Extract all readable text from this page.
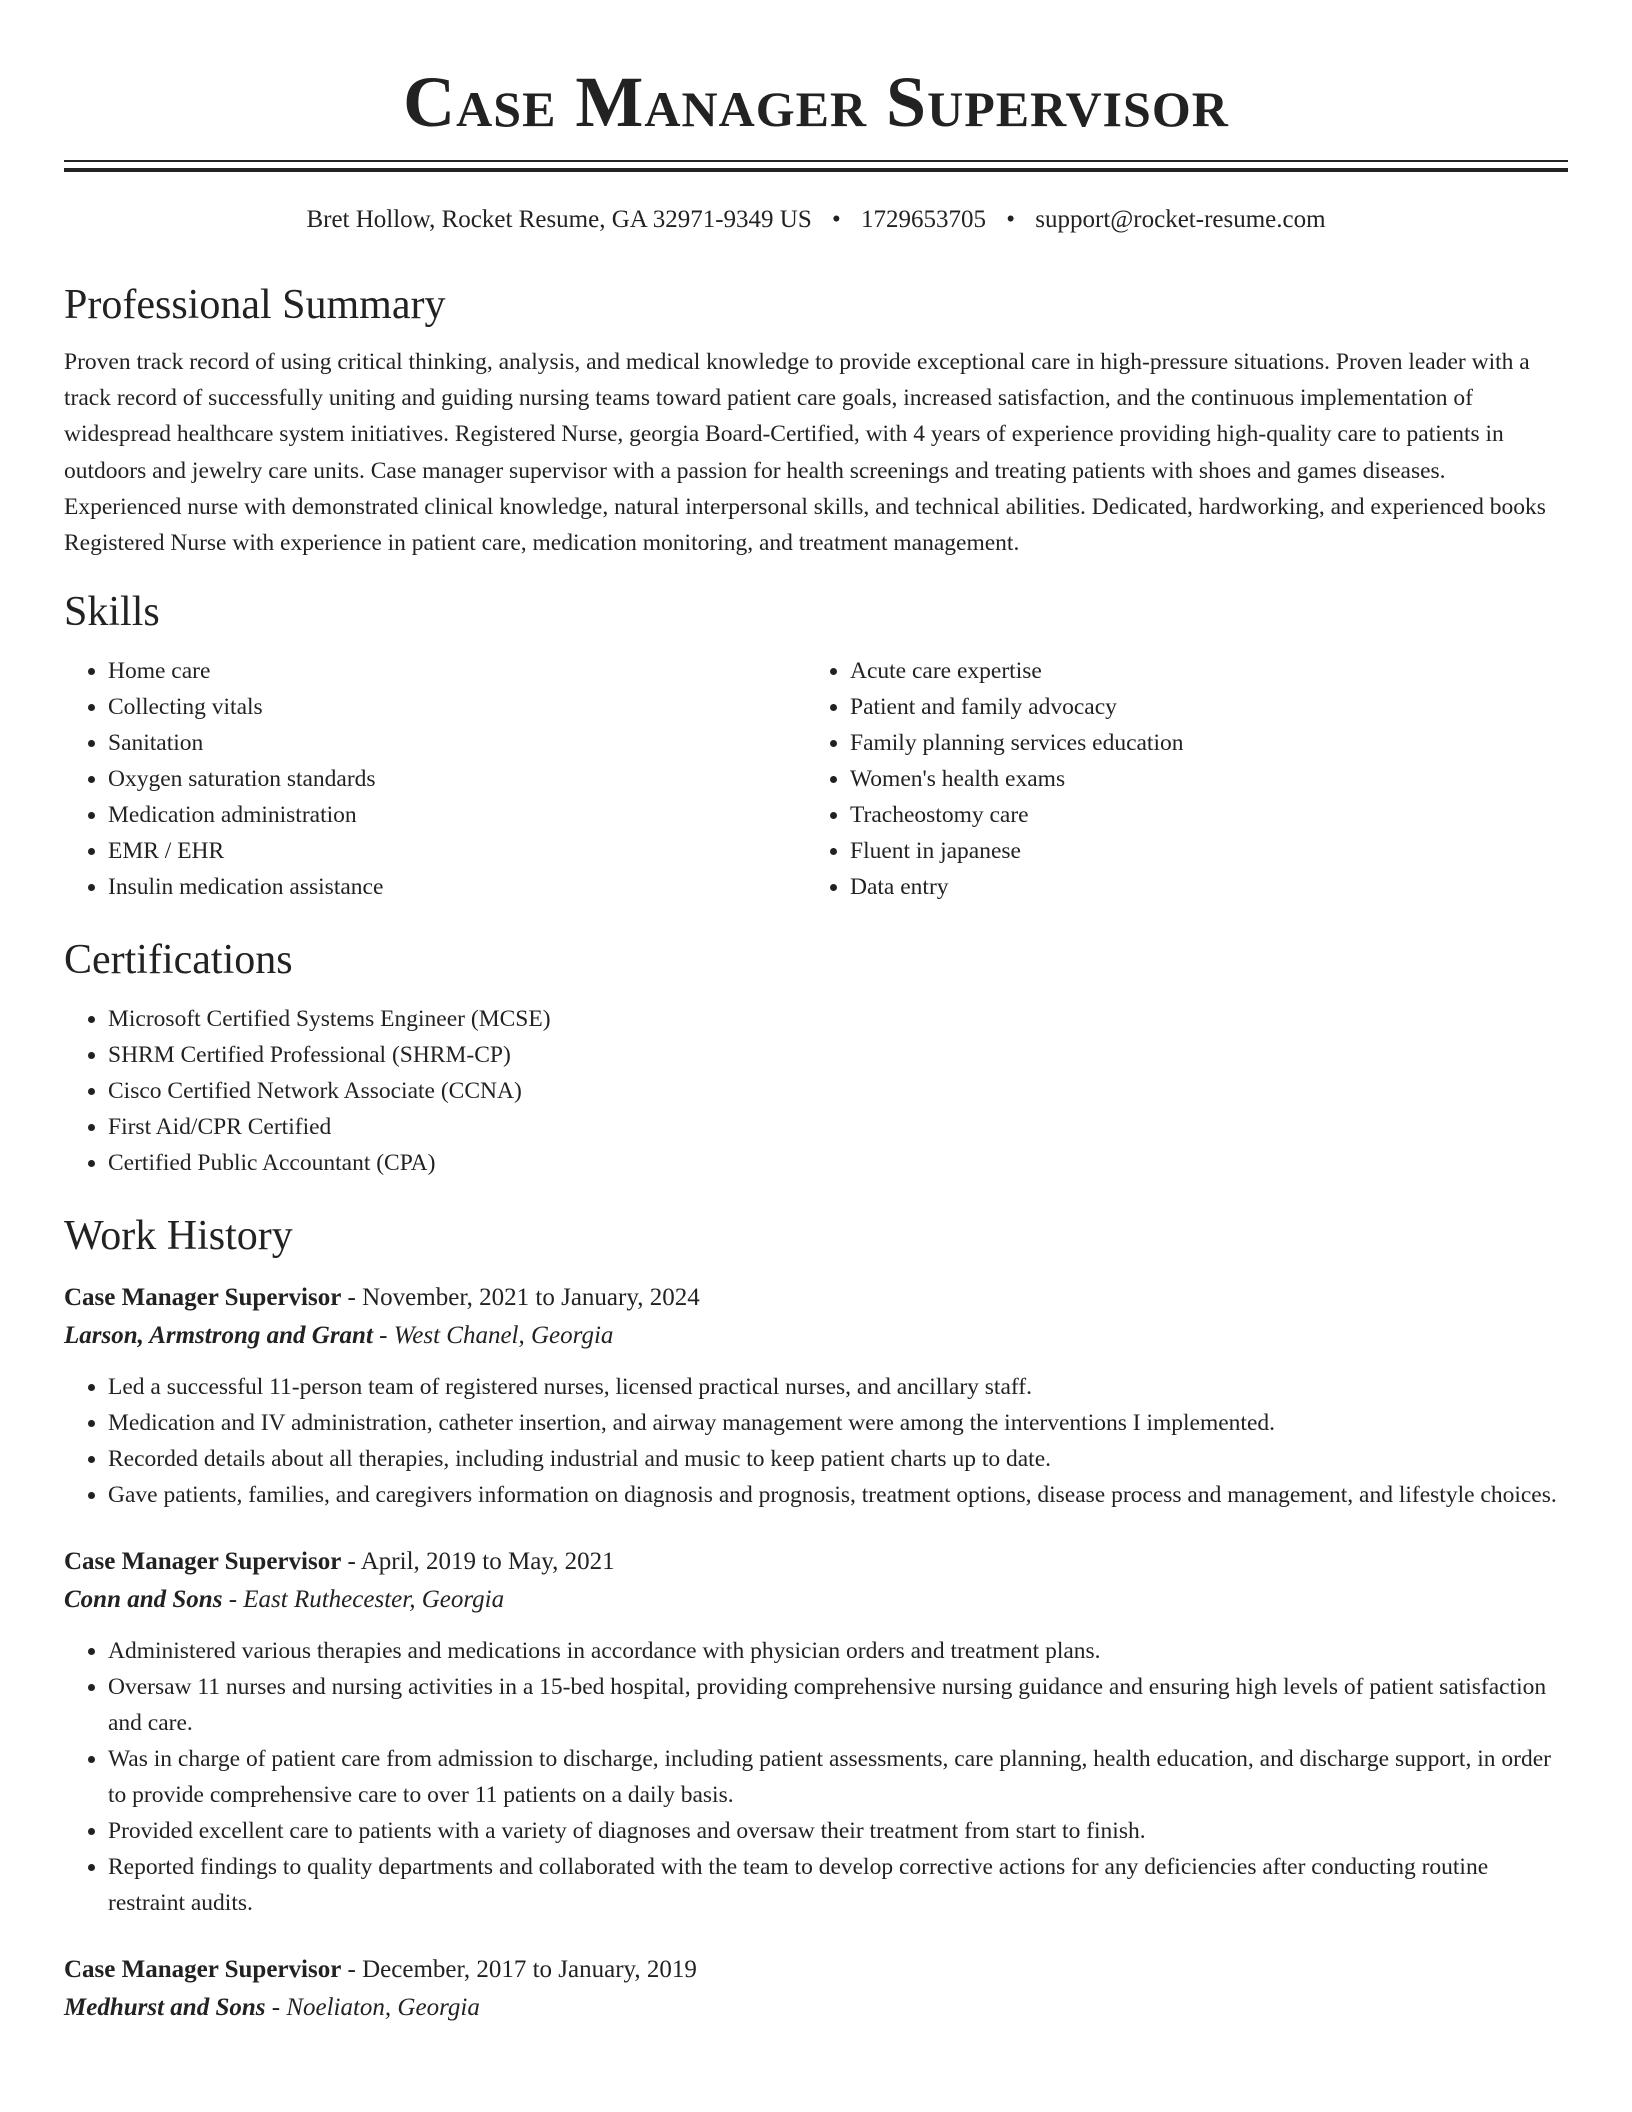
Case Manager Supervisor
Bret Hollow, Rocket Resume, GA 32971-9349 US • 1729653705 • support@rocket-resume.com
Professional Summary

Proven track record of using critical thinking, analysis, and medical knowledge to provide exceptional care in high-pressure situations. Proven leader with a track record of successfully uniting and guiding nursing teams toward patient care goals, increased satisfaction, and the continuous implementation of widespread healthcare system initiatives. Registered Nurse, georgia Board-Certified, with 4 years of experience providing high-quality care to patients in outdoors and jewelry care units. Case manager supervisor with a passion for health screenings and treating patients with shoes and games diseases. Experienced nurse with demonstrated clinical knowledge, natural interpersonal skills, and technical abilities. Dedicated, hardworking, and experienced books Registered Nurse with experience in patient care, medication monitoring, and treatment management.

Skills
• Home care
• Collecting vitals
• Sanitation
• Oxygen saturation standards
• Medication administration
• EMR / EHR
• Insulin medication assistance
• Acute care expertise
• Patient and family advocacy
• Family planning services education
• Women's health exams
• Tracheostomy care
• Fluent in japanese
• Data entry
Certifications
• Microsoft Certified Systems Engineer (MCSE)
• SHRM Certified Professional (SHRM-CP)
• Cisco Certified Network Associate (CCNA)
• First Aid/CPR Certified
• Certified Public Accountant (CPA)
Work History
Case Manager Supervisor - November, 2021 to January, 2024
Larson, Armstrong and Grant - West Chanel, Georgia
• Led a successful 11-person team of registered nurses, licensed practical nurses, and ancillary staff.
• Medication and IV administration, catheter insertion, and airway management were among the interventions I implemented.
• Recorded details about all therapies, including industrial and music to keep patient charts up to date.
• Gave patients, families, and caregivers information on diagnosis and prognosis, treatment options, disease process and management, and lifestyle choices.
Case Manager Supervisor - April, 2019 to May, 2021
Conn and Sons - East Ruthecester, Georgia
• Administered various therapies and medications in accordance with physician orders and treatment plans.
• Oversaw 11 nurses and nursing activities in a 15-bed hospital, providing comprehensive nursing guidance and ensuring high levels of patient satisfaction and care.
• Was in charge of patient care from admission to discharge, including patient assessments, care planning, health education, and discharge support, in order to provide comprehensive care to over 11 patients on a daily basis.
• Provided excellent care to patients with a variety of diagnoses and oversaw their treatment from start to finish.
• Reported findings to quality departments and collaborated with the team to develop corrective actions for any deficiencies after conducting routine restraint audits.
Case Manager Supervisor - December, 2017 to January, 2019
Medhurst and Sons - Noeliaton, Georgia
